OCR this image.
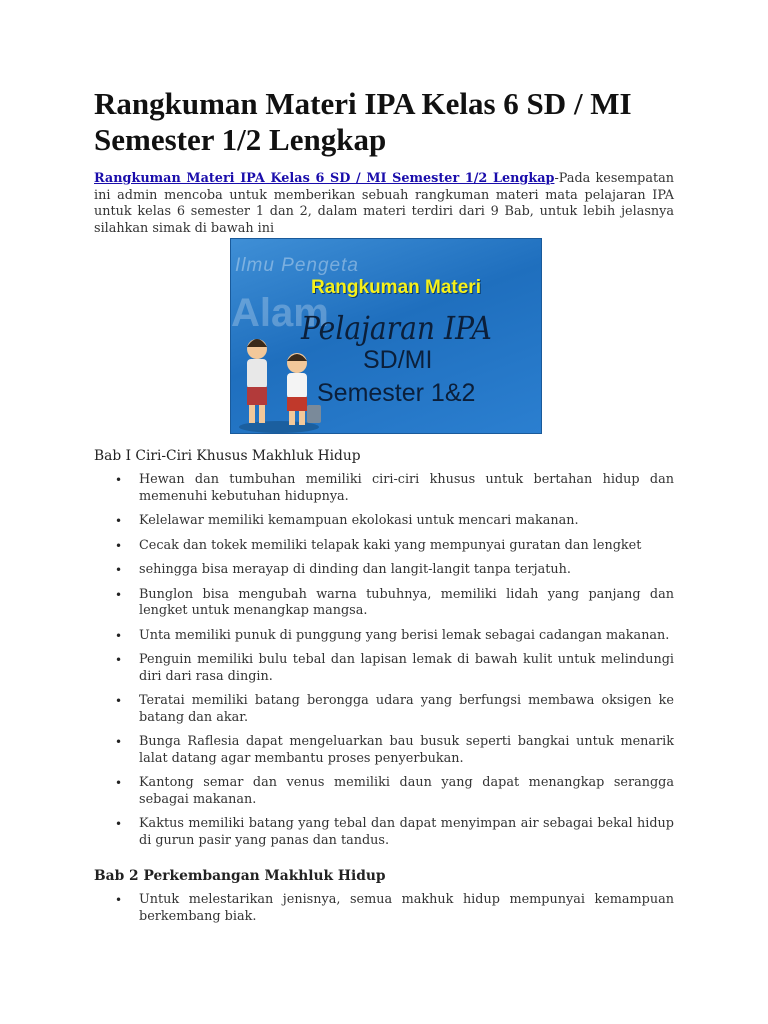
Rangkuman Materi IPA Kelas 6 SD / MI Semester 1/2 Lengkap

Rangkuman Materi IPA Kelas 6 SD / MI Semester 1/2 Lengkap-Pada kesempatan ini admin mencoba untuk memberikan sebuah rangkuman materi mata pelajaran IPA untuk kelas 6 semester 1 dan 2, dalam materi terdiri dari 9 Bab, untuk lebih jelasnya silahkan simak di bawah ini

Ilmu Pengeta
Alam
Rangkuman Materi
Pelajaran IPA
SD/MI
Semester 1&2
Bab I Ciri-Ciri Khusus Makhluk Hidup
• Hewan dan tumbuhan memiliki ciri-ciri khusus untuk bertahan hidup dan memenuhi kebutuhan hidupnya.
• Kelelawar memiliki kemampuan ekolokasi untuk mencari makanan.
• Cecak dan tokek memiliki telapak kaki yang mempunyai guratan dan lengket
• sehingga bisa merayap di dinding dan langit-langit tanpa terjatuh.
• Bunglon bisa mengubah warna tubuhnya, memiliki lidah yang panjang dan lengket untuk menangkap mangsa.
• Unta memiliki punuk di punggung yang berisi lemak sebagai cadangan makanan.
• Penguin memiliki bulu tebal dan lapisan lemak di bawah kulit untuk melindungi diri dari rasa dingin.
• Teratai memiliki batang berongga udara yang berfungsi membawa oksigen ke batang dan akar.
• Bunga Raflesia dapat mengeluarkan bau busuk seperti bangkai untuk menarik lalat datang agar membantu proses penyerbukan.
• Kantong semar dan venus memiliki daun yang dapat menangkap serangga sebagai makanan.
• Kaktus memiliki batang yang tebal dan dapat menyimpan air sebagai bekal hidup di gurun pasir yang panas dan tandus.
Bab 2 Perkembangan Makhluk Hidup
• Untuk melestarikan jenisnya, semua makhuk hidup mempunyai kemampuan berkembang biak.
